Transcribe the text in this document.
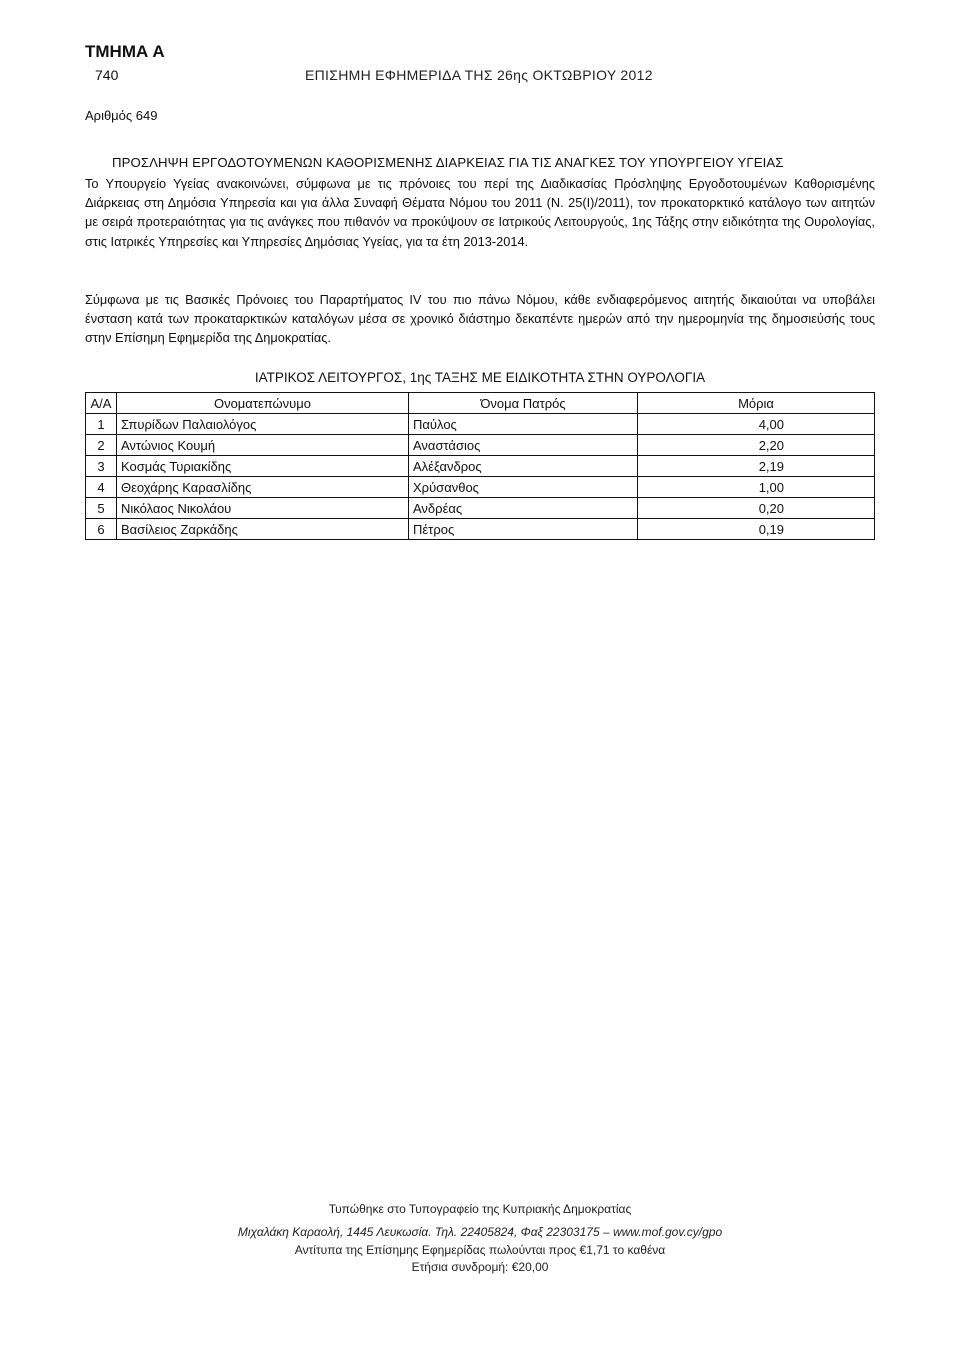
ΤΜΗΜΑ Α
740	ΕΠΙΣΗΜΗ ΕΦΗΜΕΡΙΔΑ ΤΗΣ 26ης ΟΚΤΩΒΡΙΟΥ 2012
Αριθμός 649
ΠΡΟΣΛΗΨΗ ΕΡΓΟΔΟΤΟΥΜΕΝΩΝ ΚΑΘΟΡΙΣΜΕΝΗΣ ΔΙΑΡΚΕΙΑΣ ΓΙΑ ΤΙΣ ΑΝΑΓΚΕΣ ΤΟΥ ΥΠΟΥΡΓΕΙΟΥ ΥΓΕΙΑΣ
Το Υπουργείο Υγείας ανακοινώνει, σύμφωνα με τις πρόνοιες του περί της Διαδικασίας Πρόσληψης Εργοδοτουμένων Καθορισμένης Διάρκειας στη Δημόσια Υπηρεσία και για άλλα Συναφή Θέματα Νόμου του 2011 (Ν. 25(Ι)/2011), τον προκατορκτικό κατάλογο των αιτητών με σειρά προτεραιότητας για τις ανάγκες που πιθανόν να προκύψουν σε Ιατρικούς Λειτουργούς, 1ης Τάξης στην ειδικότητα της Ουρολογίας, στις Ιατρικές Υπηρεσίες και Υπηρεσίες Δημόσιας Υγείας, για τα έτη 2013-2014.
Σύμφωνα με τις Βασικές Πρόνοιες του Παραρτήματος IV του πιο πάνω Νόμου, κάθε ενδιαφερόμενος αιτητής δικαιούται να υποβάλει ένσταση κατά των προκαταρκτικών καταλόγων μέσα σε χρονικό διάστημο δεκαπέντε ημερών από την ημερομηνία της δημοσιεύσής τους στην Επίσημη Εφημερίδα της Δημοκρατίας.
ΙΑΤΡΙΚΟΣ ΛΕΙΤΟΥΡΓΟΣ, 1ης ΤΑΞΗΣ ΜΕ ΕΙΔΙΚΟΤΗΤΑ ΣΤΗΝ ΟΥΡΟΛΟΓΙΑ
Α/Α	Ονοματεπώνυμο	Όνομα Πατρός	Μόρια
1	Σπυρίδων Παλαιολόγος	Παύλος	4,00
2	Αντώνιος Κουμή	Αναστάσιος	2,20
3	Κοσμάς Τυριακίδης	Αλέξανδρος	2,19
4	Θεοχάρης Καρασλίδης	Χρύσανθος	1,00
5	Νικόλαος Νικολάου	Ανδρέας	0,20
6	Βασίλειος Ζαρκάδης	Πέτρος	0,19
Τυπώθηκε στο Τυπογραφείο της Κυπριακής Δημοκρατίας
Μιχαλάκη Καραολή, 1445 Λευκωσία. Τηλ. 22405824, Φαξ 22303175 – www.mof.gov.cy/gpo
Αντίτυπα της Επίσημης Εφημερίδας πωλούνται προς €1,71 το καθένα
Ετήσια συνδρομή: €20,00
